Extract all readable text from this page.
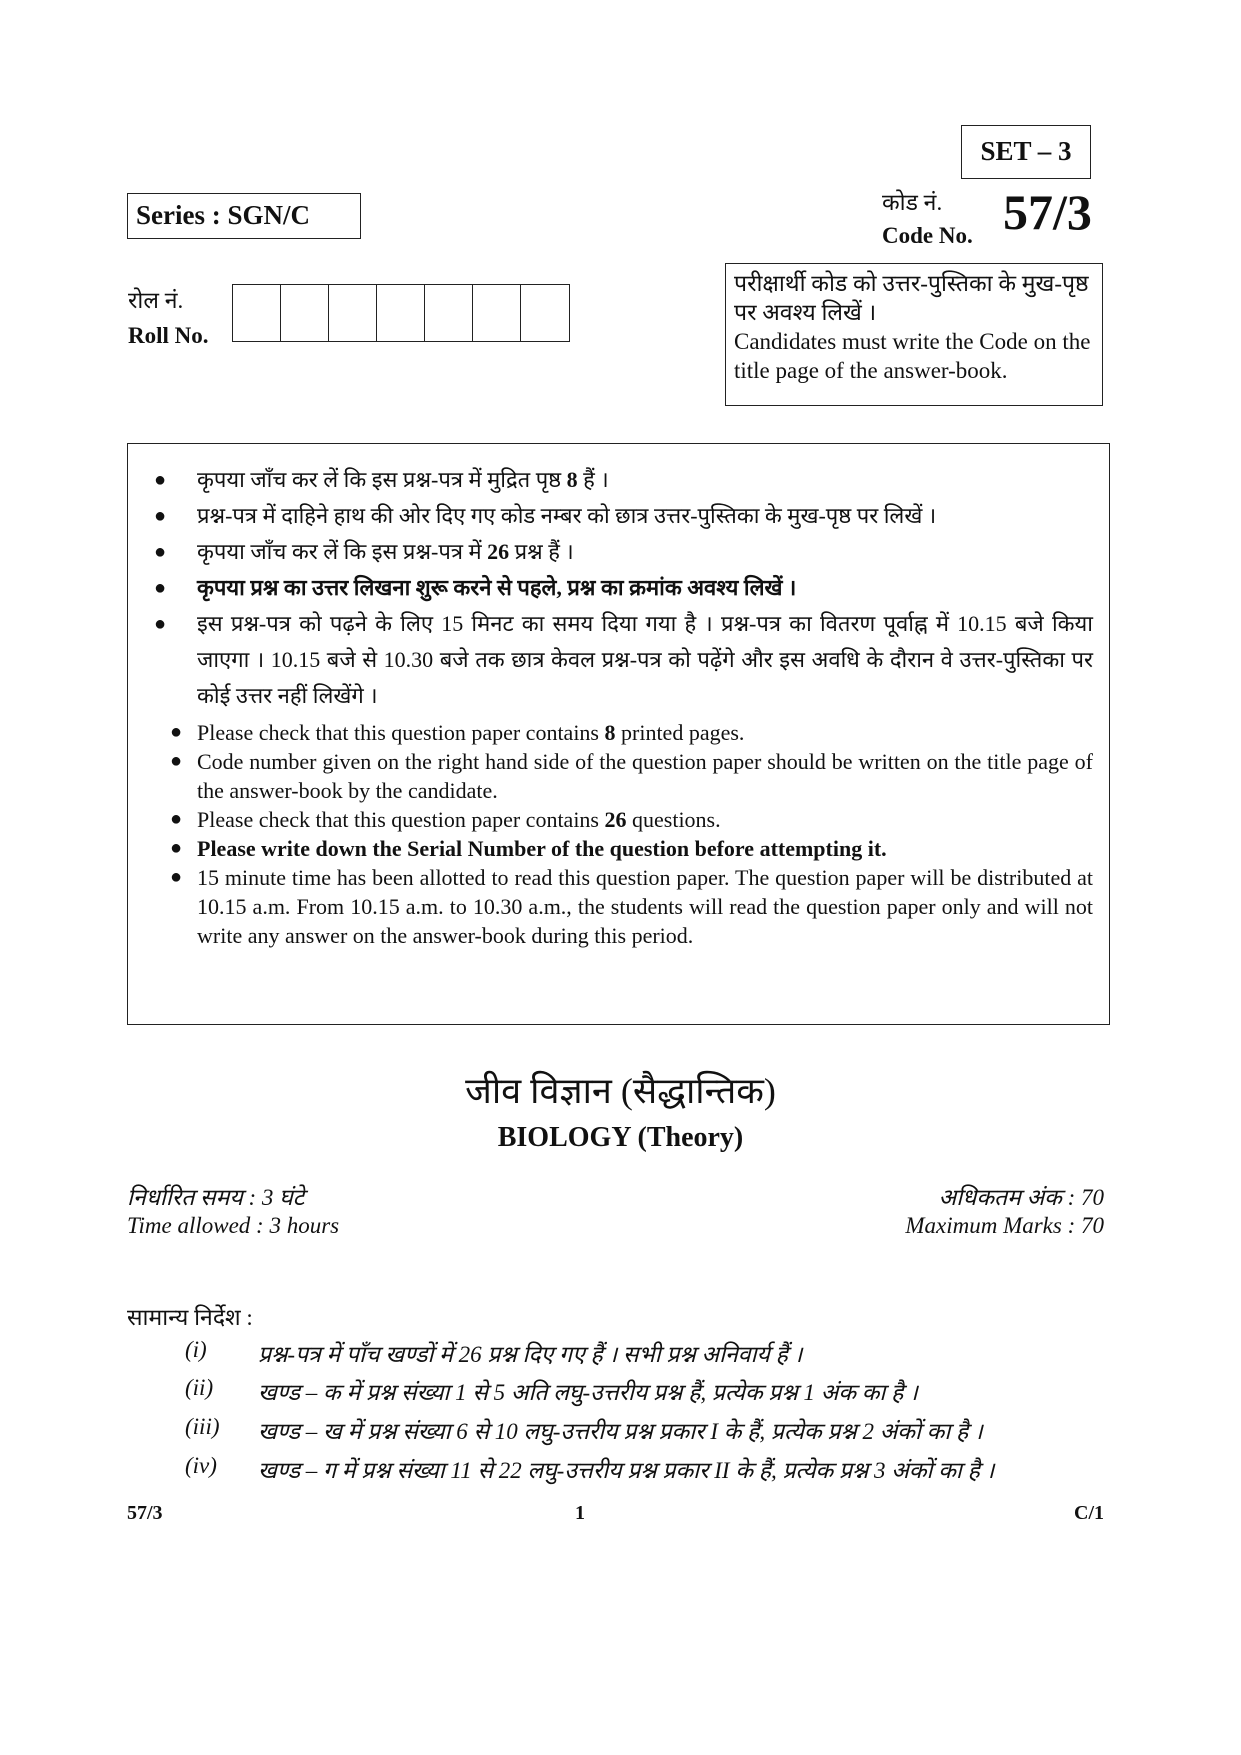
SET – 3
Series : SGN/C	कोड नं.
Code No. 57/3
रोल नं.
Roll No.
परीक्षार्थी कोड को उत्तर-पुस्तिका के मुख-पृष्ठ पर अवश्य लिखें ।
Candidates must write the Code on the title page of the answer-book.
●	कृपया जाँच कर लें कि इस प्रश्न-पत्र में मुद्रित पृष्ठ 8 हैं ।
●	प्रश्न-पत्र में दाहिने हाथ की ओर दिए गए कोड नम्बर को छात्र उत्तर-पुस्तिका के मुख-पृष्ठ पर लिखें ।
●	कृपया जाँच कर लें कि इस प्रश्न-पत्र में 26 प्रश्न हैं ।
●	कृपया प्रश्न का उत्तर लिखना शुरू करने से पहले, प्रश्न का क्रमांक अवश्य लिखें ।
●	इस प्रश्न-पत्र को पढ़ने के लिए 15 मिनट का समय दिया गया है । प्रश्न-पत्र का वितरण पूर्वाह्न में 10.15 बजे किया जाएगा । 10.15 बजे से 10.30 बजे तक छात्र केवल प्रश्न-पत्र को पढ़ेंगे और इस अवधि के दौरान वे उत्तर-पुस्तिका पर कोई उत्तर नहीं लिखेंगे ।
● Please check that this question paper contains 8 printed pages.
● Code number given on the right hand side of the question paper should be written on the title page of the answer-book by the candidate.
● Please check that this question paper contains 26 questions.
● Please write down the Serial Number of the question before attempting it.
● 15 minute time has been allotted to read this question paper. The question paper will be distributed at 10.15 a.m. From 10.15 a.m. to 10.30 a.m., the students will read the question paper only and will not write any answer on the answer-book during this period.
जीव विज्ञान (सैद्धान्तिक)
BIOLOGY (Theory)
निर्धारित समय : 3 घंटे
Time allowed : 3 hours
अधिकतम अंक : 70
Maximum Marks : 70
सामान्य निर्देश :
(i)	प्रश्न-पत्र में पाँच खण्डों में 26 प्रश्न दिए गए हैं । सभी प्रश्न अनिवार्य हैं ।
(ii)	खण्ड – क में प्रश्न संख्या 1 से 5 अति लघु-उत्तरीय प्रश्न हैं, प्रत्येक प्रश्न 1 अंक का है ।
(iii)	खण्ड – ख में प्रश्न संख्या 6 से 10 लघु-उत्तरीय प्रश्न प्रकार I के हैं, प्रत्येक प्रश्न 2 अंकों का है ।
(iv)	खण्ड – ग में प्रश्न संख्या 11 से 22 लघु-उत्तरीय प्रश्न प्रकार II के हैं, प्रत्येक प्रश्न 3 अंकों का है ।
57/3	1	C/1
